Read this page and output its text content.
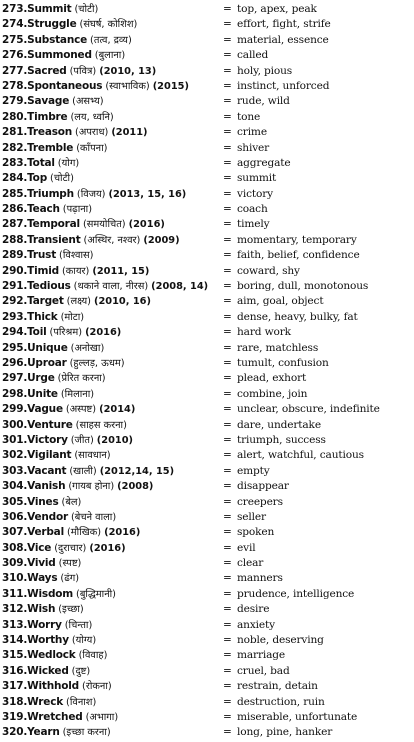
273.Summit (चोटी)	= top, apex, peak
274.Struggle (संघर्ष, कोशिश)	= effort, fight, strife
275.Substance (तत्व, द्रव्य)	= material, essence
276.Summoned (बुलाना)	= called
277.Sacred (पवित्र) (2010, 13)	= holy, pious
278.Spontaneous (स्वाभाविक) (2015)	= instinct, unforced
279.Savage (असभ्य)	= rude, wild
280.Timbre (लय, ध्वनि)	= tone
281.Treason (अपराध) (2011)	= crime
282.Tremble (काँपना)	= shiver
283.Total (योग)	= aggregate
284.Top (चोटी)	= summit
285.Triumph (विजय) (2013, 15, 16)	= victory
286.Teach (पढ़ाना)	= coach
287.Temporal (समयोचित) (2016)	= timely
288.Transient (अस्थिर, नश्वर) (2009)	= momentary, temporary
289.Trust (विश्वास)	= faith, belief, confidence
290.Timid (कायर) (2011, 15)	= coward, shy
291.Tedious (थकाने वाला, नीरस) (2008, 14) = boring, dull, monotonous
292.Target (लक्ष्य) (2010, 16)	= aim, goal, object
293.Thick (मोटा)	= dense, heavy, bulky, fat
294.Toil (परिश्रम) (2016)	= hard work
295.Unique (अनोखा)	= rare, matchless
296.Uproar (हुल्लड़, ऊधम)	= tumult, confusion
297.Urge (प्रेरित करना)	= plead, exhort
298.Unite (मिलाना)	= combine, join
299.Vague (अस्पष्ट) (2014)	= unclear, obscure, indefinite
300.Venture (साहस करना)	= dare, undertake
301.Victory (जीत) (2010)	= triumph, success
302.Vigilant (सावधान)	= alert, watchful, cautious
303.Vacant (खाली) (2012,14, 15)	= empty
304.Vanish (गायब होना) (2008)	= disappear
305.Vines (बेल)	= creepers
306.Vendor (बेचने वाला)	= seller
307.Verbal (मौखिक) (2016)	= spoken
308.Vice (दुराचार) (2016)	= evil
309.Vivid (स्पष्ट)	= clear
310.Ways (ढंग)	= manners
311.Wisdom (बुद्धिमानी)	= prudence, intelligence
312.Wish (इच्छा)	= desire
313.Worry (चिन्ता)	= anxiety
314.Worthy (योग्य)	= noble, deserving
315.Wedlock (विवाह)	= marriage
316.Wicked (दुष्ट)	= cruel, bad
317.Withhold (रोकना)	= restrain, detain
318.Wreck (विनाश)	= destruction, ruin
319.Wretched (अभागा)	= miserable, unfortunate
320.Yearn (इच्छा करना)	= long, pine, hanker
